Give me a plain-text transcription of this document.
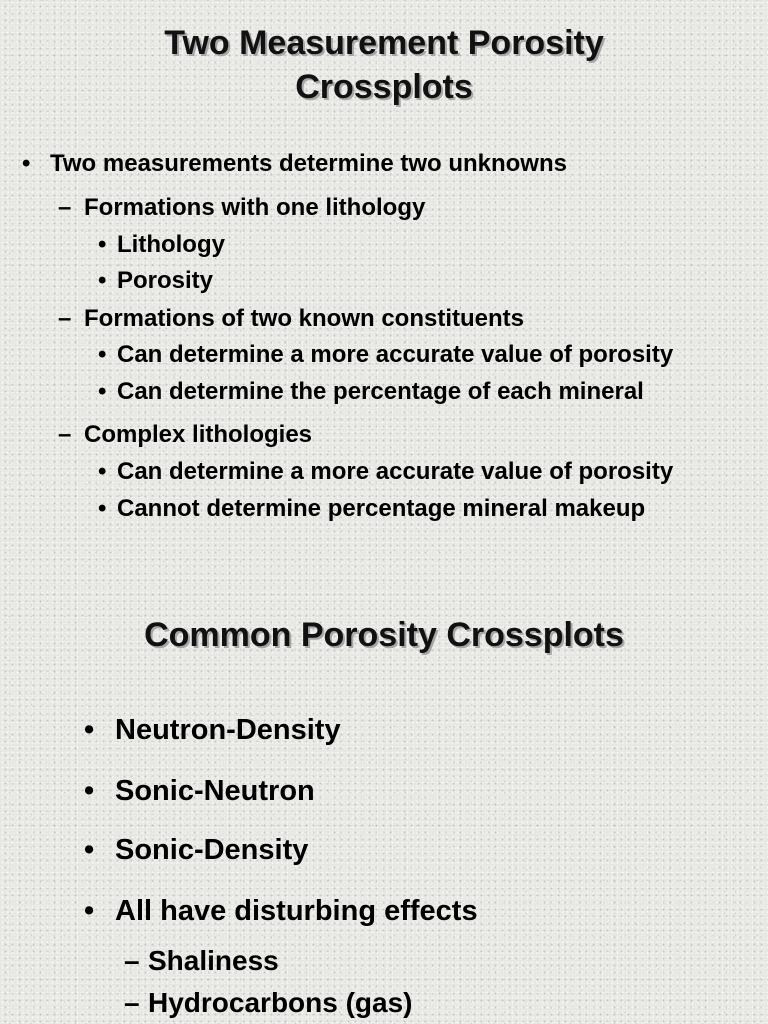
Two Measurement Porosity
Crossplots
• Two measurements determine two unknowns
– Formations with one lithology
• Lithology
• Porosity
– Formations of two known constituents
• Can determine a more accurate value of porosity
• Can determine the percentage of each mineral
– Complex lithologies
• Can determine a more accurate value of porosity
• Cannot determine percentage mineral makeup
Common Porosity Crossplots
• Neutron-Density
• Sonic-Neutron
• Sonic-Density
• All have disturbing effects
– Shaliness
– Hydrocarbons (gas)
